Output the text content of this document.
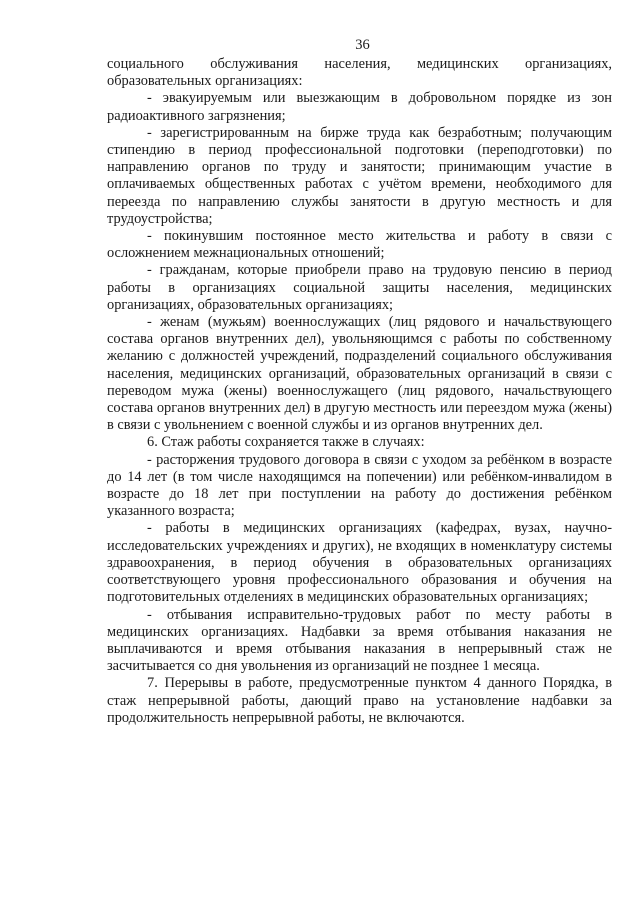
36

социального обслуживания населения, медицинских организациях, образовательных организациях:

- эвакуируемым или выезжающим в добровольном порядке из зон радиоактивного загрязнения;

- зарегистрированным на бирже труда как безработным; получающим стипендию в период профессиональной подготовки (переподготовки) по направлению органов по труду и занятости; принимающим участие в оплачиваемых общественных работах с учётом времени, необходимого для переезда по направлению службы занятости в другую местность и для трудоустройства;

- покинувшим постоянное место жительства и работу в связи с осложнением межнациональных отношений;

- гражданам, которые приобрели право на трудовую пенсию в период работы в организациях социальной защиты населения, медицинских организациях, образовательных организациях;

- женам (мужьям) военнослужащих (лиц рядового и начальствующего состава органов внутренних дел), увольняющимся с работы по собственному желанию с должностей учреждений, подразделений социального обслуживания населения, медицинских организаций, образовательных организаций в связи с переводом мужа (жены) военнослужащего (лиц рядового, начальствующего состава органов внутренних дел) в другую местность или переездом мужа (жены) в связи с увольнением с военной службы и из органов внутренних дел.

6. Стаж работы сохраняется также в случаях:

- расторжения трудового договора в связи с уходом за ребёнком в возрасте до 14 лет (в том числе находящимся на попечении) или ребёнком-инвалидом в возрасте до 18 лет при поступлении на работу до достижения ребёнком указанного возраста;

- работы в медицинских организациях (кафедрах, вузах, научно-исследовательских учреждениях и других), не входящих в номенклатуру системы здравоохранения, в период обучения в образовательных организациях соответствующего уровня профессионального образования и обучения на подготовительных отделениях в медицинских образовательных организациях;

- отбывания исправительно-трудовых работ по месту работы в медицинских организациях. Надбавки за время отбывания наказания не выплачиваются и время отбывания наказания в непрерывный стаж не засчитывается со дня увольнения из организаций не позднее 1 месяца.

7. Перерывы в работе, предусмотренные пунктом 4 данного Порядка, в стаж непрерывной работы, дающий право на установление надбавки за продолжительность непрерывной работы, не включаются.
